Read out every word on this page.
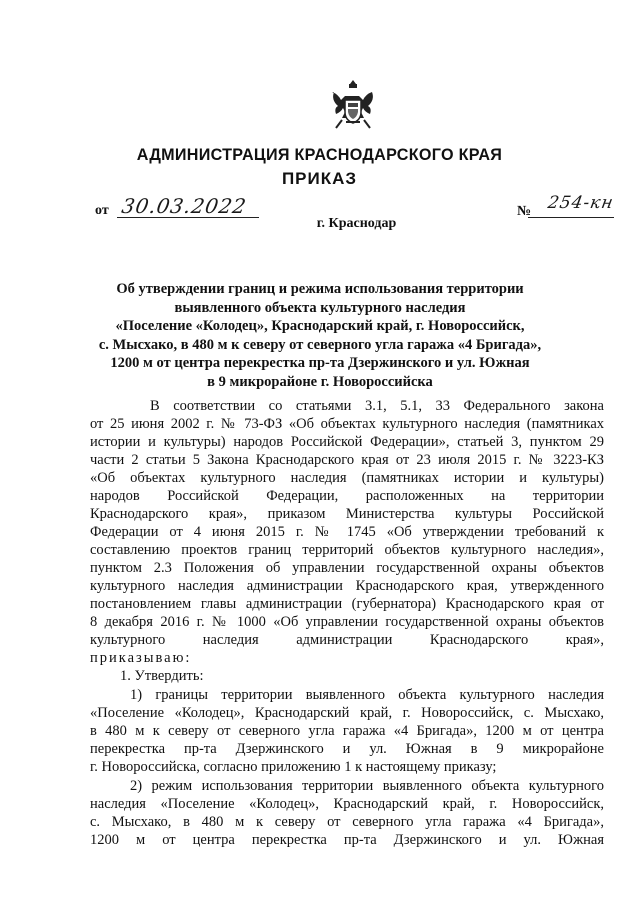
АДМИНИСТРАЦИЯ КРАСНОДАРСКОГО КРАЯ
ПРИКАЗ
от 30.03.2022
г. Краснодар
№ 254-кн
Об утверждении границ и режима использования территории
выявленного объекта культурного наследия
«Поселение «Колодец», Краснодарский край, г. Новороссийск,
с. Мысхако, в 480 м к северу от северного угла гаража «4 Бригада»,
1200 м от центра перекрестка пр-та Дзержинского и ул. Южная
в 9 микрорайоне г. Новороссийска
В соответствии со статьями 3.1, 5.1, 33 Федерального закона
от 25 июня 2002 г. № 73-ФЗ «Об объектах культурного наследия (памятниках
истории и культуры) народов Российской Федерации», статьей 3, пунктом 29
части 2 статьи 5 Закона Краснодарского края от 23 июля 2015 г. № 3223-КЗ
«Об объектах культурного наследия (памятниках истории и культуры)
народов Российской Федерации, расположенных на территории
Краснодарского края», приказом Министерства культуры Российской
Федерации от 4 июня 2015 г. № 1745 «Об утверждении требований к
составлению проектов границ территорий объектов культурного наследия»,
пунктом 2.3 Положения об управлении государственной охраны объектов
культурного наследия администрации Краснодарского края, утвержденного
постановлением главы администрации (губернатора) Краснодарского края от
8 декабря 2016 г. № 1000 «Об управлении государственной охраны объектов
культурного наследия администрации Краснодарского края»,
приказываю:
1. Утвердить:
1) границы территории выявленного объекта культурного наследия
«Поселение «Колодец», Краснодарский край, г. Новороссийск, с. Мысхако,
в 480 м к северу от северного угла гаража «4 Бригада», 1200 м от центра
перекрестка пр-та Дзержинского и ул. Южная в 9 микрорайоне
г. Новороссийска, согласно приложению 1 к настоящему приказу;
2) режим использования территории выявленного объекта культурного
наследия «Поселение «Колодец», Краснодарский край, г. Новороссийск,
с. Мысхако, в 480 м к северу от северного угла гаража «4 Бригада»,
1200 м от центра перекрестка пр-та Дзержинского и ул. Южная
